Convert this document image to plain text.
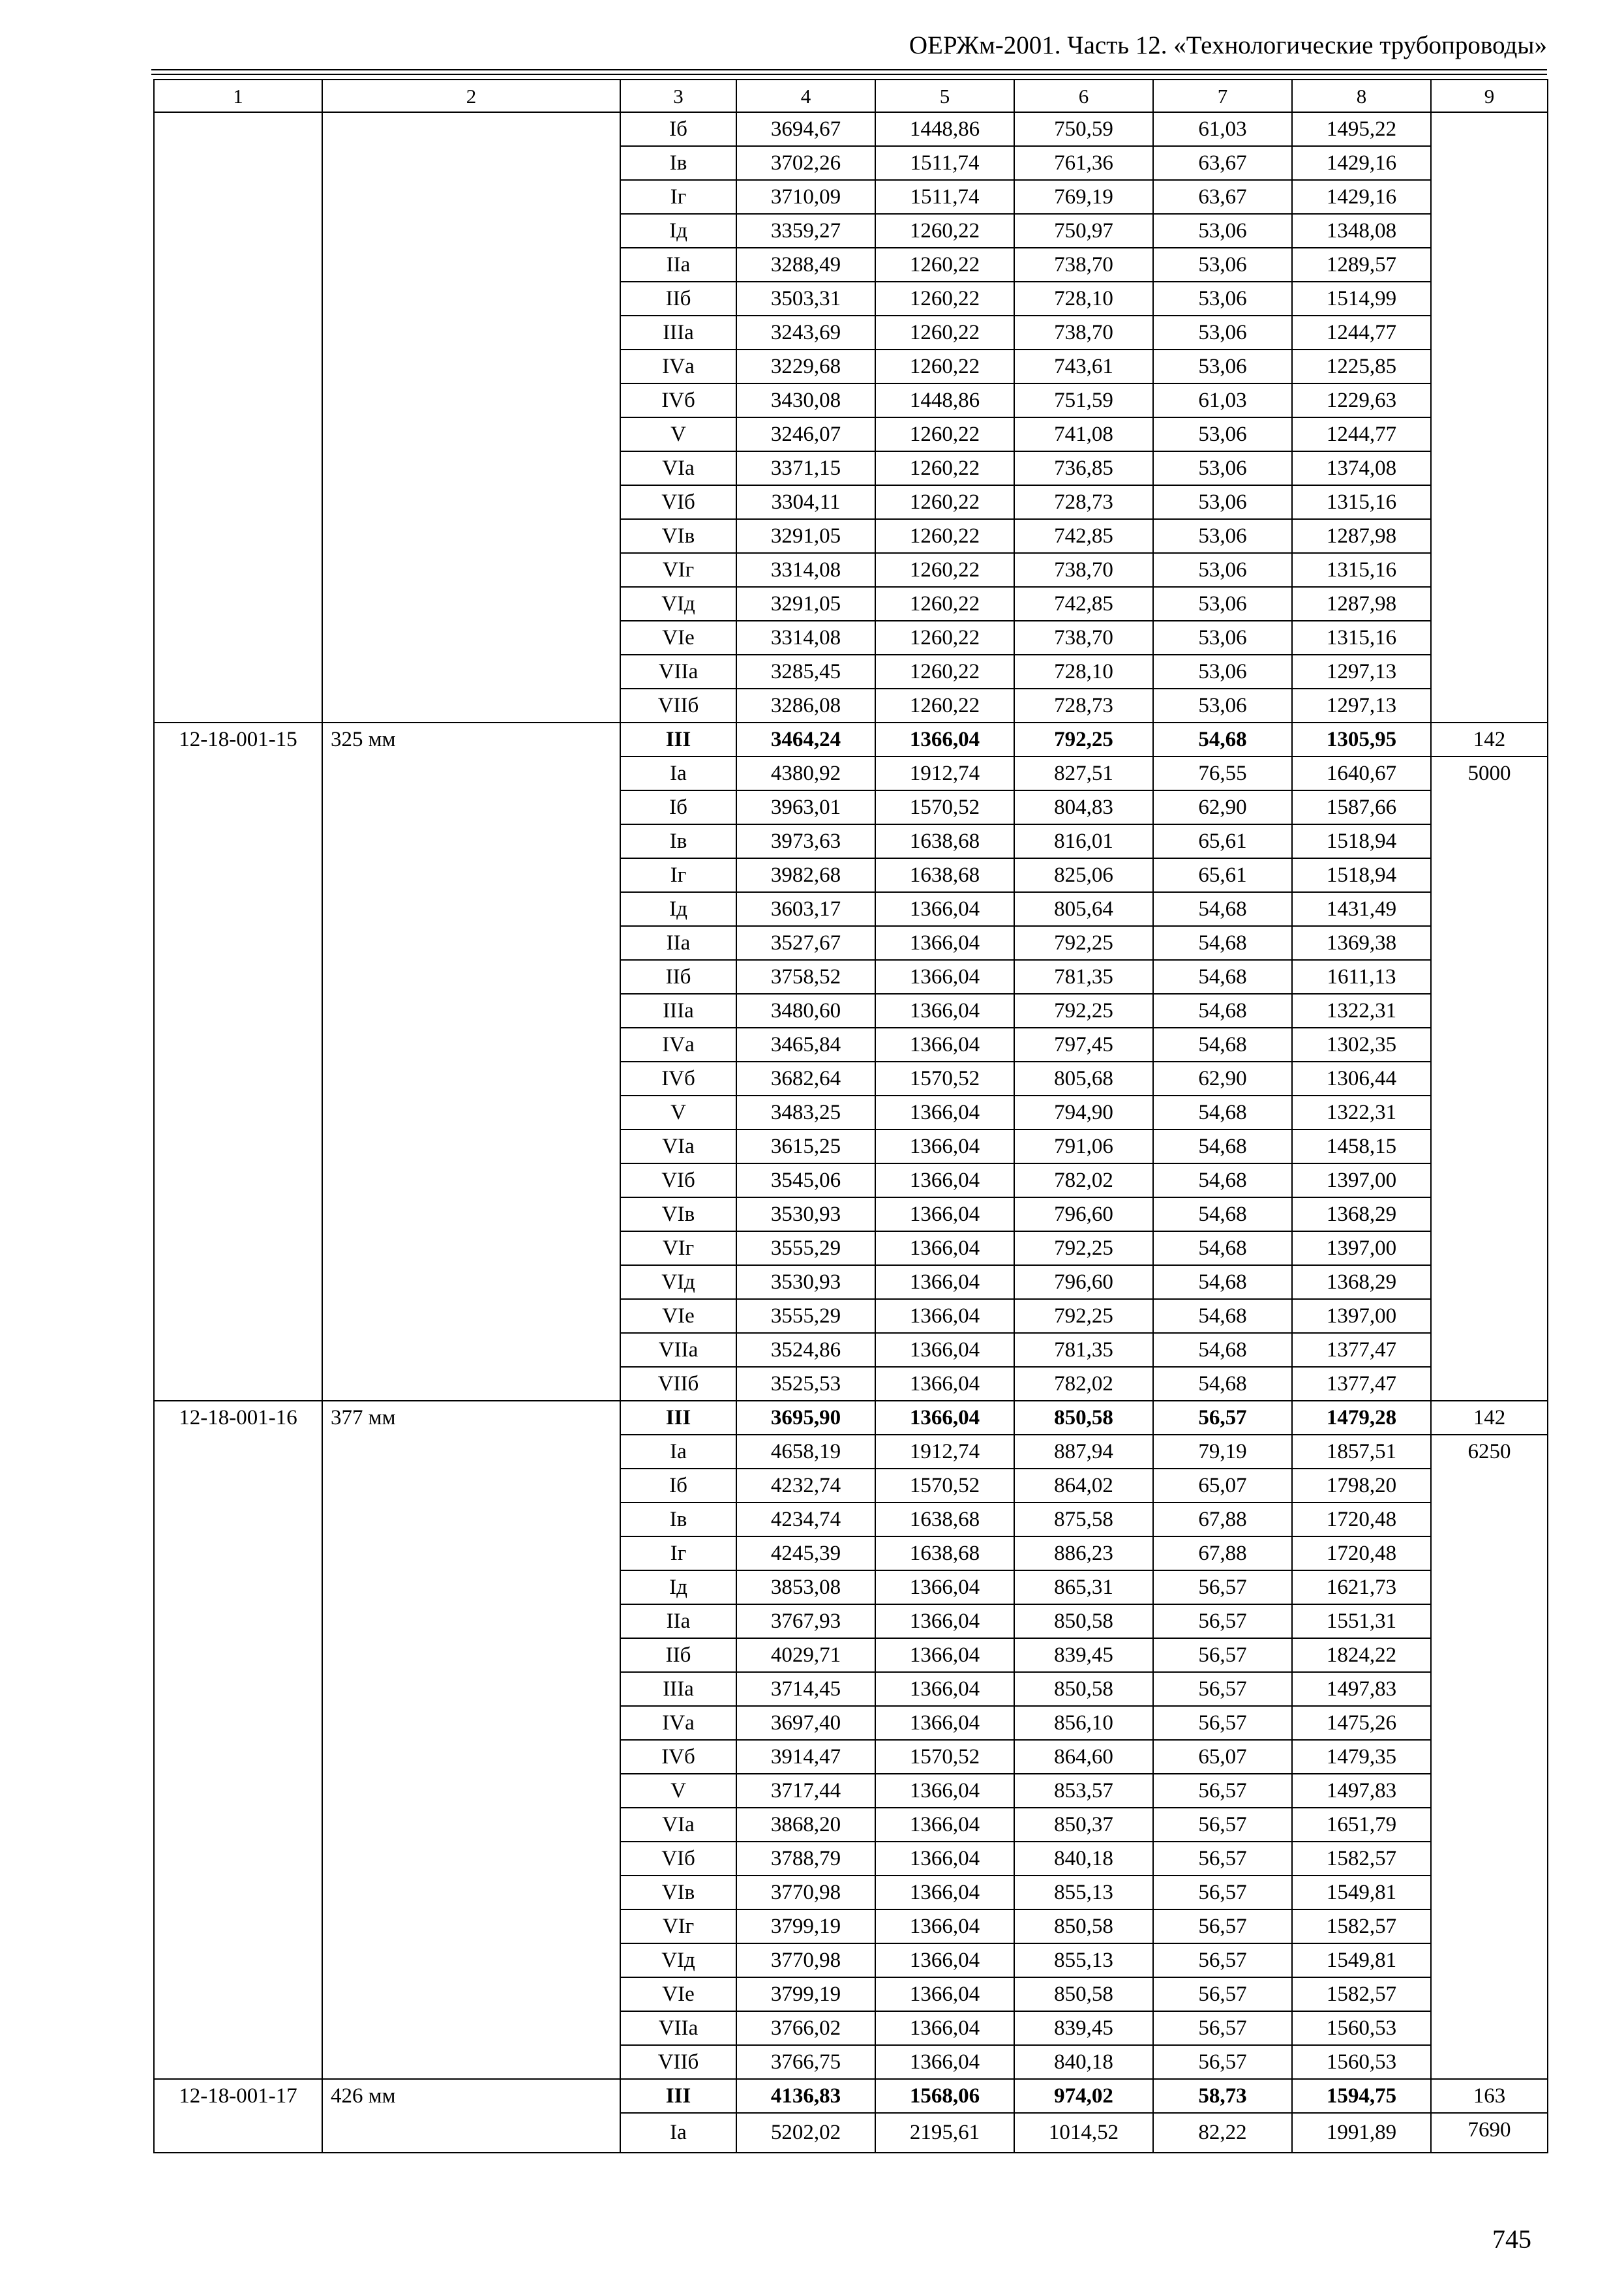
ОЕРЖм-2001. Часть 12. «Технологические трубопроводы»
1	2	3	4	5	6	7	8	9
		Iб	3694,67	1448,86	750,59	61,03	1495,22	
		Iв	3702,26	1511,74	761,36	63,67	1429,16	
		Iг	3710,09	1511,74	769,19	63,67	1429,16	
		Iд	3359,27	1260,22	750,97	53,06	1348,08	
		IIа	3288,49	1260,22	738,70	53,06	1289,57	
		IIб	3503,31	1260,22	728,10	53,06	1514,99	
		IIIа	3243,69	1260,22	738,70	53,06	1244,77	
		IVа	3229,68	1260,22	743,61	53,06	1225,85	
		IVб	3430,08	1448,86	751,59	61,03	1229,63	
		V	3246,07	1260,22	741,08	53,06	1244,77	
		VIа	3371,15	1260,22	736,85	53,06	1374,08	
		VIб	3304,11	1260,22	728,73	53,06	1315,16	
		VIв	3291,05	1260,22	742,85	53,06	1287,98	
		VIг	3314,08	1260,22	738,70	53,06	1315,16	
		VIд	3291,05	1260,22	742,85	53,06	1287,98	
		VIе	3314,08	1260,22	738,70	53,06	1315,16	
		VIIа	3285,45	1260,22	728,10	53,06	1297,13	
		VIIб	3286,08	1260,22	728,73	53,06	1297,13	
12-18-001-15	325 мм	III	3464,24	1366,04	792,25	54,68	1305,95	142
		Iа	4380,92	1912,74	827,51	76,55	1640,67	5000
		Iб	3963,01	1570,52	804,83	62,90	1587,66	
		Iв	3973,63	1638,68	816,01	65,61	1518,94	
		Iг	3982,68	1638,68	825,06	65,61	1518,94	
		Iд	3603,17	1366,04	805,64	54,68	1431,49	
		IIа	3527,67	1366,04	792,25	54,68	1369,38	
		IIб	3758,52	1366,04	781,35	54,68	1611,13	
		IIIа	3480,60	1366,04	792,25	54,68	1322,31	
		IVа	3465,84	1366,04	797,45	54,68	1302,35	
		IVб	3682,64	1570,52	805,68	62,90	1306,44	
		V	3483,25	1366,04	794,90	54,68	1322,31	
		VIа	3615,25	1366,04	791,06	54,68	1458,15	
		VIб	3545,06	1366,04	782,02	54,68	1397,00	
		VIв	3530,93	1366,04	796,60	54,68	1368,29	
		VIг	3555,29	1366,04	792,25	54,68	1397,00	
		VIд	3530,93	1366,04	796,60	54,68	1368,29	
		VIе	3555,29	1366,04	792,25	54,68	1397,00	
		VIIа	3524,86	1366,04	781,35	54,68	1377,47	
		VIIб	3525,53	1366,04	782,02	54,68	1377,47	
12-18-001-16	377 мм	III	3695,90	1366,04	850,58	56,57	1479,28	142
		Iа	4658,19	1912,74	887,94	79,19	1857,51	6250
		Iб	4232,74	1570,52	864,02	65,07	1798,20	
		Iв	4234,74	1638,68	875,58	67,88	1720,48	
		Iг	4245,39	1638,68	886,23	67,88	1720,48	
		Iд	3853,08	1366,04	865,31	56,57	1621,73	
		IIа	3767,93	1366,04	850,58	56,57	1551,31	
		IIб	4029,71	1366,04	839,45	56,57	1824,22	
		IIIа	3714,45	1366,04	850,58	56,57	1497,83	
		IVа	3697,40	1366,04	856,10	56,57	1475,26	
		IVб	3914,47	1570,52	864,60	65,07	1479,35	
		V	3717,44	1366,04	853,57	56,57	1497,83	
		VIа	3868,20	1366,04	850,37	56,57	1651,79	
		VIб	3788,79	1366,04	840,18	56,57	1582,57	
		VIв	3770,98	1366,04	855,13	56,57	1549,81	
		VIг	3799,19	1366,04	850,58	56,57	1582,57	
		VIд	3770,98	1366,04	855,13	56,57	1549,81	
		VIе	3799,19	1366,04	850,58	56,57	1582,57	
		VIIа	3766,02	1366,04	839,45	56,57	1560,53	
		VIIб	3766,75	1366,04	840,18	56,57	1560,53	
12-18-001-17	426 мм	III	4136,83	1568,06	974,02	58,73	1594,75	163
		Iа	5202,02	2195,61	1014,52	82,22	1991,89	7690
745
